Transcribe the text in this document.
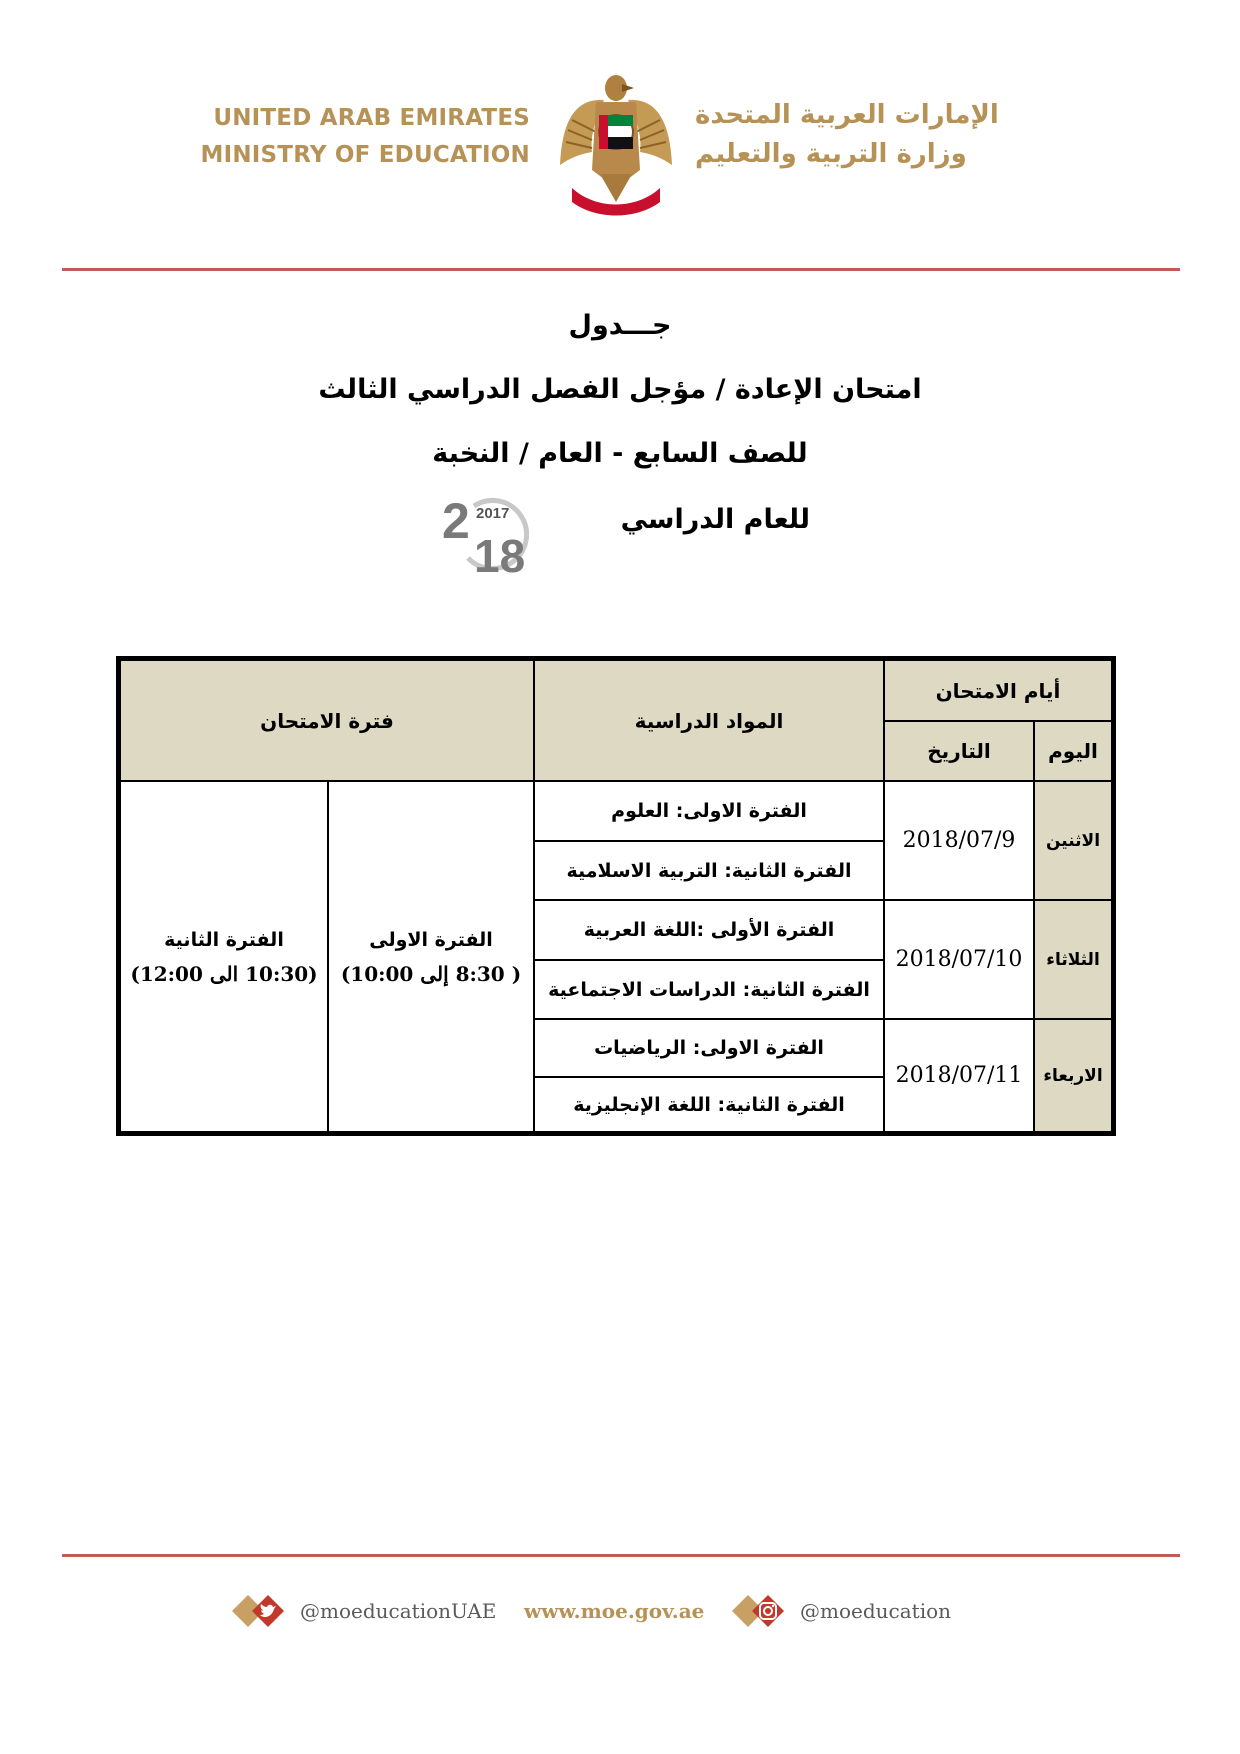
UNITED ARAB EMIRATES
MINISTRY OF EDUCATION
الإمارات العربية المتحدة
وزارة التربية والتعليم
جـــدول
امتحان الإعادة / مؤجل الفصل الدراسي الثالث
للصف السابع - العام / النخبة
للعام الدراسي
2 2017
18
أيام الامتحان
اليوم
التاريخ
المواد الدراسية
فترة الامتحان
الاثنين
2018/07/9
الفترة الاولى: العلوم
الفترة الثانية: التربية الاسلامية
الثلاثاء
2018/07/10
الفترة الأولى :اللغة العربية
الفترة الثانية: الدراسات الاجتماعية
الاربعاء
2018/07/11
الفترة الاولى: الرياضيات
الفترة الثانية: اللغة الإنجليزية
الفترة الاولى
( 8:30 إلى 10:00)
الفترة الثانية
(10:30 الى 12:00)
@moeducationUAE www.moe.gov.ae	@moeducation
